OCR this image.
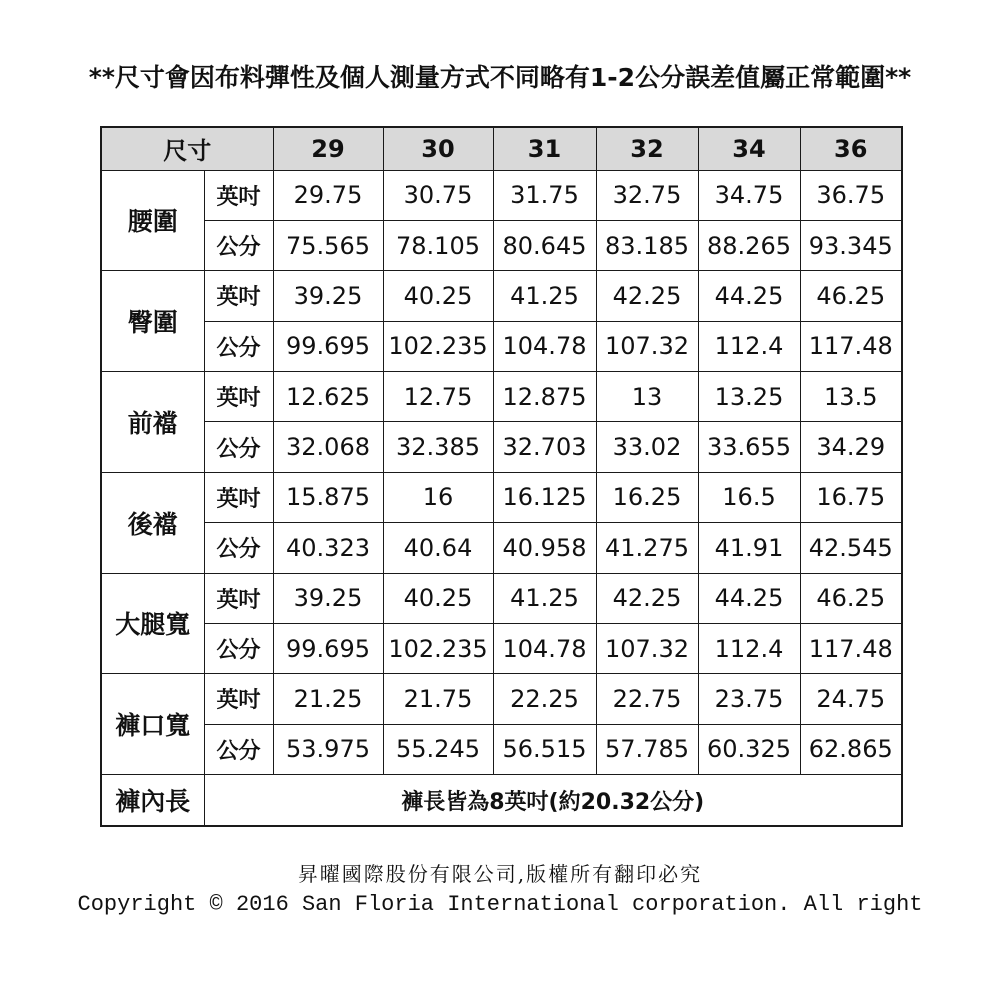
**尺寸會因布料彈性及個人測量方式不同略有1-2公分誤差值屬正常範圍**
尺寸		29	30	31	32	34	36
腰圍	英吋	29.75	30.75	31.75	32.75	34.75	36.75
	公分	75.565	78.105	80.645	83.185	88.265	93.345
臀圍	英吋	39.25	40.25	41.25	42.25	44.25	46.25
	公分	99.695	102.235	104.78	107.32	112.4	117.48
前襠	英吋	12.625	12.75	12.875	13	13.25	13.5
	公分	32.068	32.385	32.703	33.02	33.655	34.29
後襠	英吋	15.875	16	16.125	16.25	16.5	16.75
	公分	40.323	40.64	40.958	41.275	41.91	42.545
大腿寬	英吋	39.25	40.25	41.25	42.25	44.25	46.25
	公分	99.695	102.235	104.78	107.32	112.4	117.48
褲口寬	英吋	21.25	21.75	22.25	22.75	23.75	24.75
	公分	53.975	55.245	56.515	57.785	60.325	62.865
褲內長	褲長皆為8英吋(約20.32公分)						
昇曜國際股份有限公司,版權所有翻印必究
Copyright © 2016 San Floria International corporation. All right
